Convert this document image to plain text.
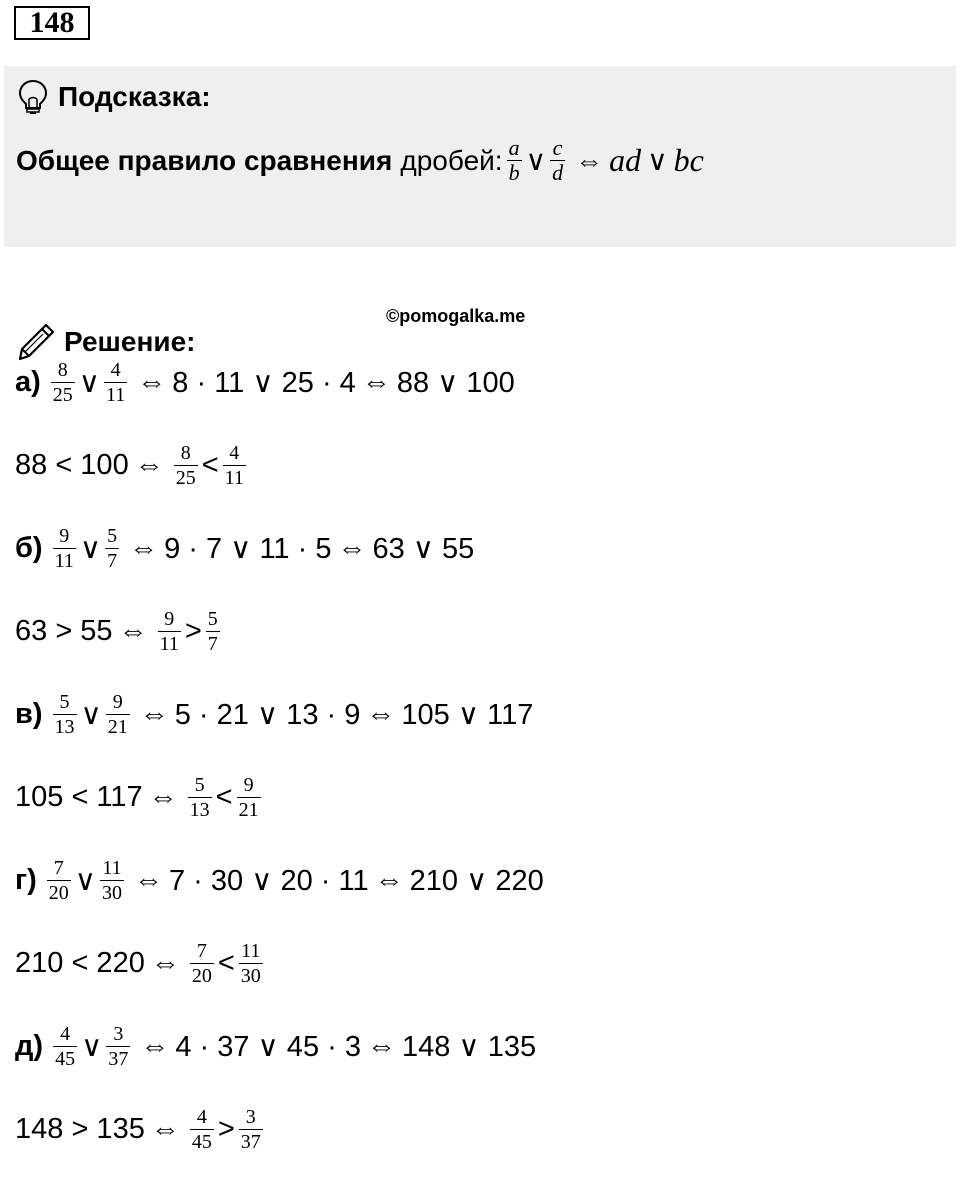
148
Подсказка:
Общее правило сравнения дробей: $\frac{a}{b}$ ∨ $\frac{c}{d}$ ⇔ ad ∨ bc
©pomogalka.me
Решение:
$а) \frac{8}{25}$ ∨ $\frac{4}{11}$ ⇔ 8 · 11 ∨ 25 · 4 ⇔ 88 ∨ 100
88 < 100 ⇔ $\frac{8}{25} < \frac{4}{11}$
$б) \frac{9}{11}$ ∨ $\frac{5}{7}$ ⇔ 9 · 7 ∨ 11 · 5 ⇔ 63 ∨ 55
63 > 55 ⇔ $\frac{9}{11} > \frac{5}{7}$
$в) \frac{5}{13}$ ∨ $\frac{9}{21}$ ⇔ 5 · 21 ∨ 13 · 9 ⇔ 105 ∨ 117
105 < 117 ⇔ $\frac{5}{13} < \frac{9}{21}$
$г) \frac{7}{20}$ ∨ $\frac{11}{30}$ ⇔ 7 · 30 ∨ 20 · 11 ⇔ 210 ∨ 220
210 < 220 ⇔ $\frac{7}{20} < \frac{11}{30}$
$д) \frac{4}{45}$ ∨ $\frac{3}{37}$ ⇔ 4 · 37 ∨ 45 · 3 ⇔ 148 ∨ 135
148 > 135 ⇔ $\frac{4}{45} > \frac{3}{37}$
